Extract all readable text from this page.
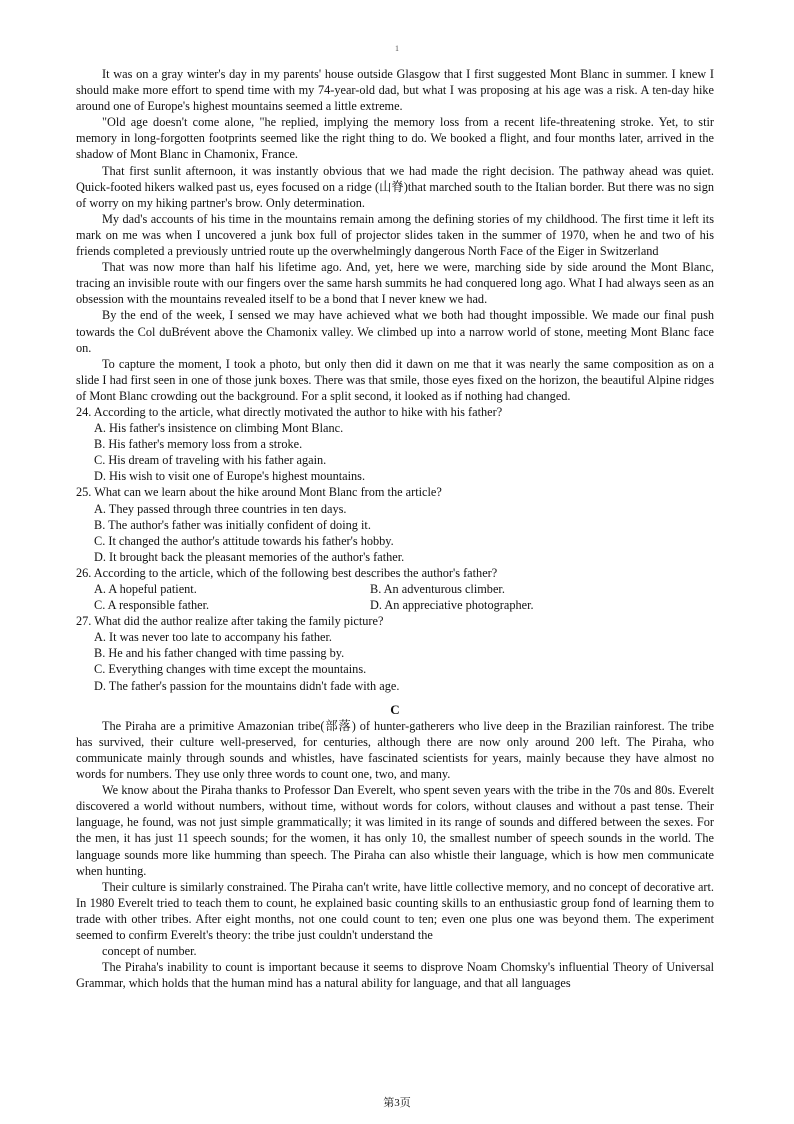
1

It was on a gray winter's day in my parents' house outside Glasgow that I first suggested Mont Blanc in summer. I knew I should make more effort to spend time with my 74-year-old dad, but what I was proposing at his age was a risk. A ten-day hike around one of Europe's highest mountains seemed a little extreme.

"Old age doesn't come alone, "he replied, implying the memory loss from a recent life-threatening stroke. Yet, to stir memory in long-forgotten footprints seemed like the right thing to do. We booked a flight, and four months later, arrived in the shadow of Mont Blanc in Chamonix, France.

That first sunlit afternoon, it was instantly obvious that we had made the right decision. The pathway ahead was quiet. Quick-footed hikers walked past us, eyes focused on a ridge (山脊)that marched south to the Italian border. But there was no sign of worry on my hiking partner's brow. Only determination.

My dad's accounts of his time in the mountains remain among the defining stories of my childhood. The first time it left its mark on me was when I uncovered a junk box full of projector slides taken in the summer of 1970, when he and two of his friends completed a previously untried route up the overwhelmingly dangerous North Face of the Eiger in Switzerland

That was now more than half his lifetime ago. And, yet, here we were, marching side by side around the Mont Blanc, tracing an invisible route with our fingers over the same harsh summits he had conquered long ago. What I had always seen as an obsession with the mountains revealed itself to be a bond that I never knew we had.

By the end of the week, I sensed we may have achieved what we both had thought impossible. We made our final push towards the Col duBrévent above the Chamonix valley. We climbed up into a narrow world of stone, meeting Mont Blanc face on.

To capture the moment, I took a photo, but only then did it dawn on me that it was nearly the same composition as on a slide I had first seen in one of those junk boxes. There was that smile, those eyes fixed on the horizon, the beautiful Alpine ridges of Mont Blanc crowding out the background. For a split second, it looked as if nothing had changed.

24. According to the article, what directly motivated the author to hike with his father?
A. His father's insistence on climbing Mont Blanc.
B. His father's memory loss from a stroke.
C. His dream of traveling with his father again.
D. His wish to visit one of Europe's highest mountains.
25. What can we learn about the hike around Mont Blanc from the article?
A. They passed through three countries in ten days.
B. The author's father was initially confident of doing it.
C. It changed the author's attitude towards his father's hobby.
D. It brought back the pleasant memories of the author's father.
26. According to the article, which of the following best describes the author's father?
A. A hopeful patient.	B. An adventurous climber.
C. A responsible father.	D. An appreciative photographer.
27. What did the author realize after taking the family picture?
A. It was never too late to accompany his father.
B. He and his father changed with time passing by.
C. Everything changes with time except the mountains.
D. The father's passion for the mountains didn't fade with age.
C

The Piraha are a primitive Amazonian tribe(部落) of hunter-gatherers who live deep in the Brazilian rainforest. The tribe has survived, their culture well-preserved, for centuries, although there are now only around 200 left. The Piraha, who communicate mainly through sounds and whistles, have fascinated scientists for years, mainly because they have almost no words for numbers. They use only three words to count one, two, and many.

We know about the Piraha thanks to Professor Dan Everelt, who spent seven years with the tribe in the 70s and 80s. Everelt discovered a world without numbers, without time, without words for colors, without clauses and without a past tense. Their language, he found, was not just simple grammatically; it was limited in its range of sounds and differed between the sexes. For the men, it has just 11 speech sounds; for the women, it has only 10, the smallest number of speech sounds in the world. The language sounds more like humming than speech. The Piraha can also whistle their language, which is how men communicate when hunting.

Their culture is similarly constrained. The Piraha can't write, have little collective memory, and no concept of decorative art. In 1980 Everelt tried to teach them to count, he explained basic counting skills to an enthusiastic group fond of learning them to trade with other tribes. After eight months, not one could count to ten; even one plus one was beyond them. The experiment seemed to confirm Everelt's theory: the tribe just couldn't understand the

concept of number.

The Piraha's inability to count is important because it seems to disprove Noam Chomsky's influential Theory of Universal Grammar, which holds that the human mind has a natural ability for language, and that all languages

第3页
